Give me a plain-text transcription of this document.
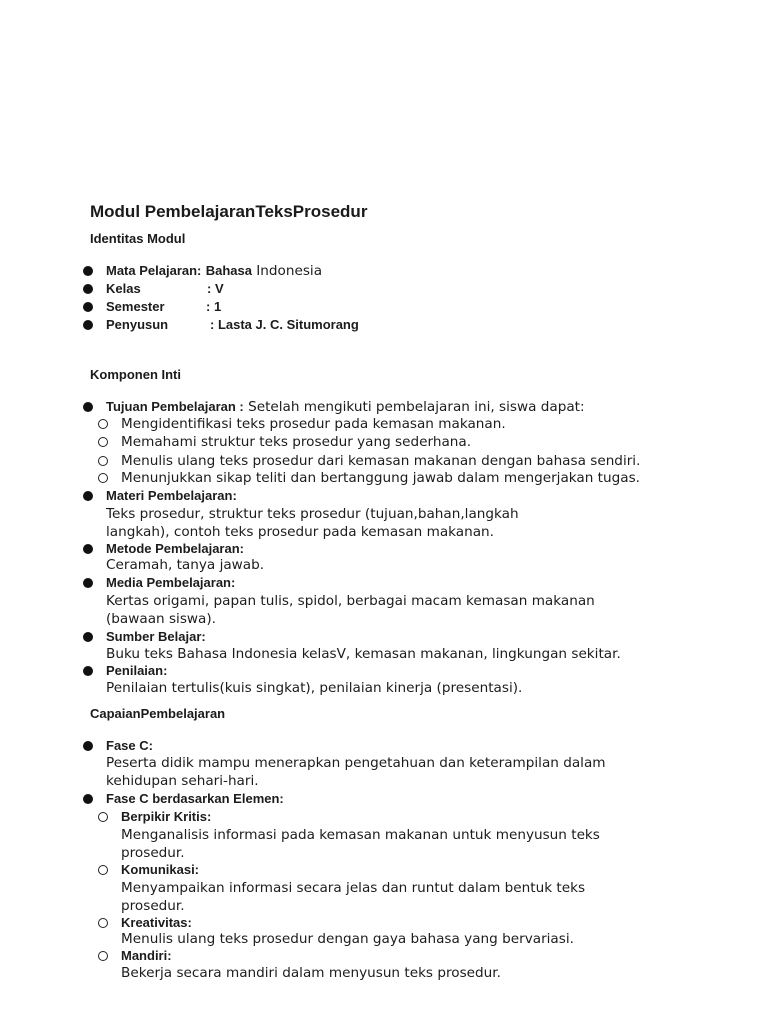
Modul PembelajaranTeksProsedur
Identitas Modul
Mata Pelajaran: Bahasa Indonesia
Kelas	: V
Semester	: 1
Penyusun	: Lasta J. C. Situmorang
Komponen Inti
Tujuan Pembelajaran : Setelah mengikuti pembelajaran ini, siswa dapat:
Mengidentifikasi teks prosedur pada kemasan makanan.
Memahami struktur teks prosedur yang sederhana.
Menulis ulang teks prosedur dari kemasan makanan dengan bahasa sendiri.
Menunjukkan sikap teliti dan bertanggung jawab dalam mengerjakan tugas.
Materi Pembelajaran:
Teks prosedur, struktur teks prosedur (tujuan,bahan,langkah
langkah), contoh teks prosedur pada kemasan makanan.
Metode Pembelajaran:
Ceramah, tanya jawab.
Media Pembelajaran:
Kertas origami, papan tulis, spidol, berbagai macam kemasan makanan
(bawaan siswa).
Sumber Belajar:
Buku teks Bahasa Indonesia kelasV, kemasan makanan, lingkungan sekitar.
Penilaian:
Penilaian tertulis(kuis singkat), penilaian kinerja (presentasi).
CapaianPembelajaran
Fase C:
Peserta didik mampu menerapkan pengetahuan dan keterampilan dalam
kehidupan sehari-hari.
Fase C berdasarkan Elemen:
Berpikir Kritis:
Menganalisis informasi pada kemasan makanan untuk menyusun teks
prosedur.
Komunikasi:
Menyampaikan informasi secara jelas dan runtut dalam bentuk teks
prosedur.
Kreativitas:
Menulis ulang teks prosedur dengan gaya bahasa yang bervariasi.
Mandiri:
Bekerja secara mandiri dalam menyusun teks prosedur.
